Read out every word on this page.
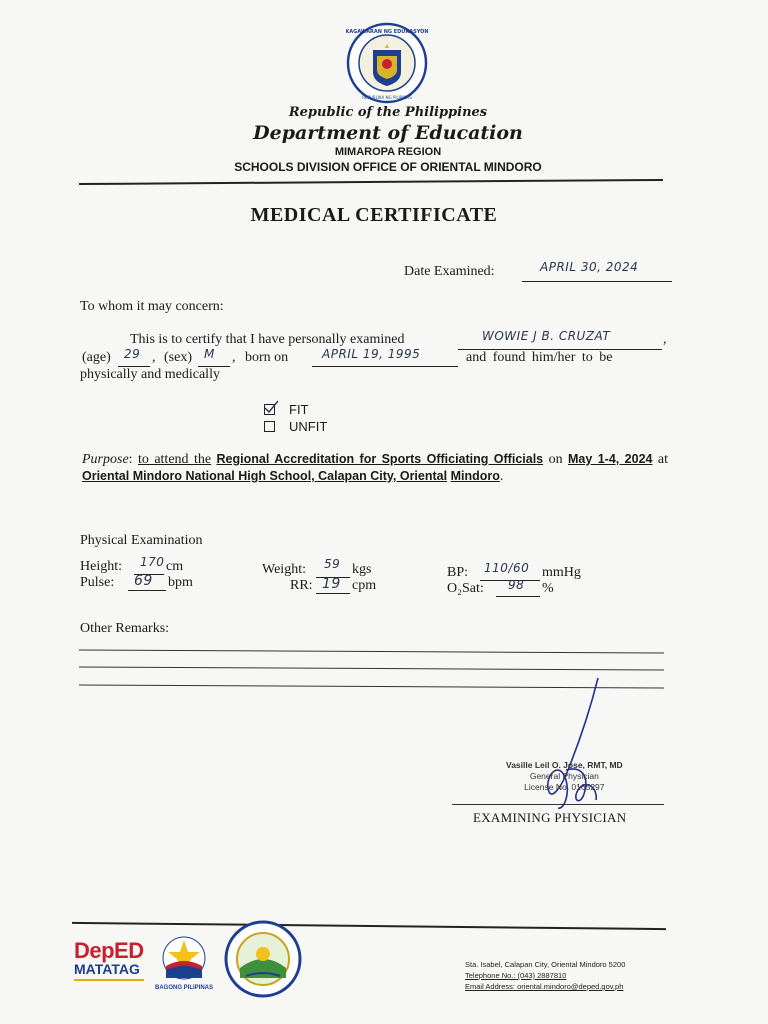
KAGAWARAN NG EDUKASYON
REPUBLIKA NG PILIPINAS
Republic of the Philippines
Department of Education
MIMAROPA REGION
SCHOOLS DIVISION OFFICE OF ORIENTAL MINDORO
MEDICAL CERTIFICATE
Date Examined:	APRIL 30, 2024
To whom it may concern:
This is to certify that I have personally examined	WOWIE J B. CRUZAT	,
(age) 29 , (sex) M , born on	APRIL 19, 1995	and found him/her to be
physically and medically
FIT
UNFIT
Purpose: to attend the Regional Accreditation for Sports Officiating Officials on May 1-4, 2024 at Oriental Mindoro National High School, Calapan City, Oriental Mindoro.
Physical Examination
Height: 170 cm
Pulse: 69 bpm
Weight: 59 kgs
RR: 19 cpm
BP: 110/60 mmHg
O₂Sat: 98 %
Other Remarks:
Vasille Leil O. Jose, RMT, MD
General Physician
License No. 0165297
EXAMINING PHYSICIAN
DepED
MATATAG
BAGONG PILIPINAS
Sta. Isabel, Calapan City, Oriental Mindoro 5200
Telephone No.: (043) 2887810
Email Address: oriental.mindoro@deped.gov.ph
